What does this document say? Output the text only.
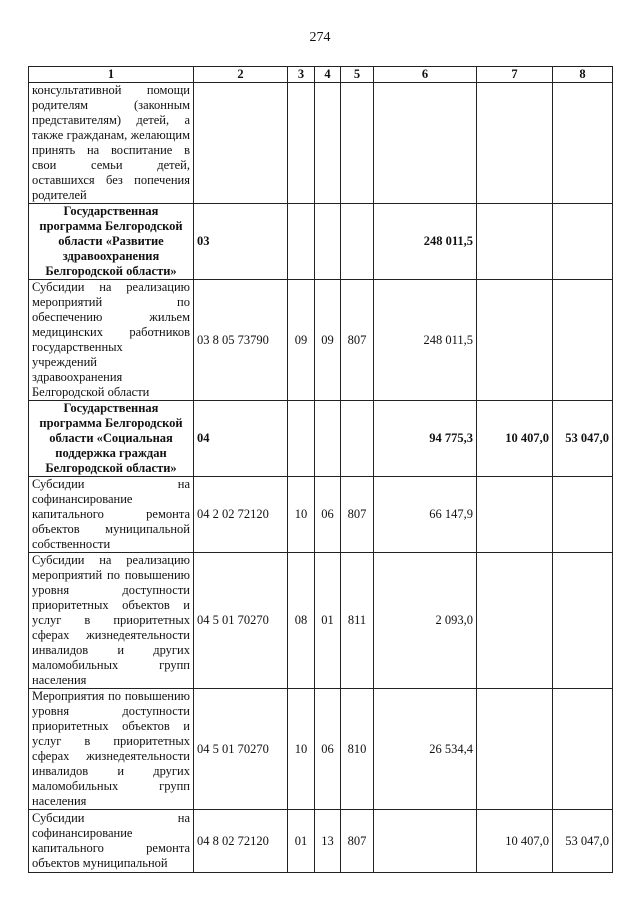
274
1	2	3	4	5	6	7	8
консультативной помощи родителям (законным представителям) детей, а также гражданам, желающим принять на воспитание в свои семьи детей, оставшихся без попечения родителей							
Государственная программа Белгородской области «Развитие здравоохранения Белгородской области»	03				248 011,5		
Субсидии на реализацию мероприятий по обеспечению жильем медицинских работников государственных учреждений здравоохранения Белгородской области	03 8 05 73790	09	09	807	248 011,5		
Государственная программа Белгородской области «Социальная поддержка граждан Белгородской области»	04				94 775,3	10 407,0	53 047,0
Субсидии на софинансирование капитального ремонта объектов муниципальной собственности	04 2 02 72120	10	06	807	66 147,9		
Субсидии на реализацию мероприятий по повышению уровня доступности приоритетных объектов и услуг в приоритетных сферах жизнедеятельности инвалидов и других маломобильных групп населения	04 5 01 70270	08	01	811	2 093,0		
Мероприятия по повышению уровня доступности приоритетных объектов и услуг в приоритетных сферах жизнедеятельности инвалидов и других маломобильных групп населения	04 5 01 70270	10	06	810	26 534,4		
Субсидии на софинансирование капитального ремонта объектов муниципальной	04 8 02 72120	01	13	807		10 407,0	53 047,0
